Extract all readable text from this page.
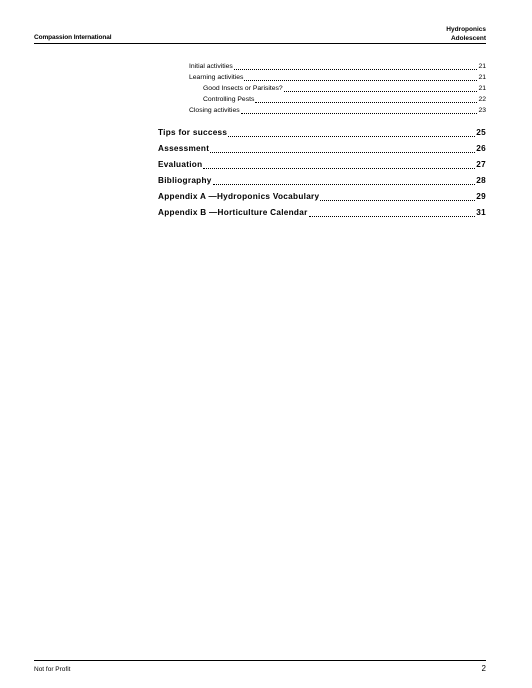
Compassion International
Hydroponics
Adolescent
Initial activities	21
Learning activities	21
Good Insects or Parisites?	21
Controlling Pests	22
Closing activities	23
Tips for success	25
Assessment	26
Evaluation	27
Bibliography	28
Appendix A —Hydroponics Vocabulary	29
Appendix B —Horticulture Calendar	31
Not for Profit	2
